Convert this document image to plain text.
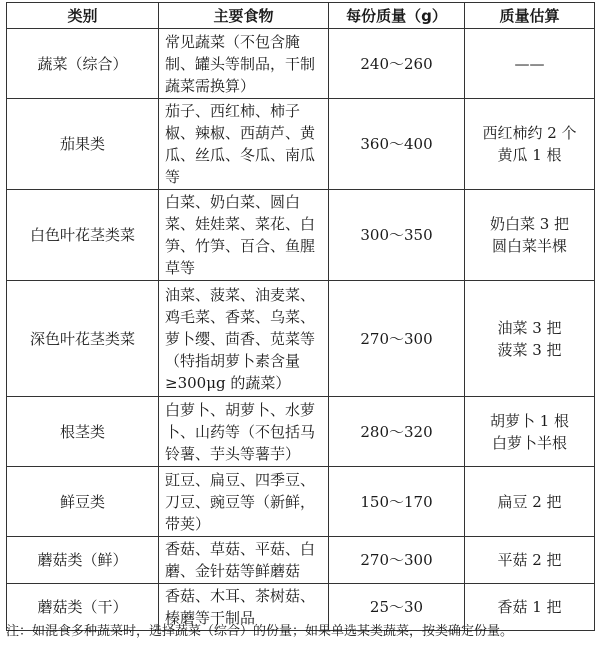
类别	主要食物	每份质量（g）	质量估算
蔬菜（综合）	常见蔬菜（不包含腌制、罐头等制品，干制蔬菜需换算）	240～260	——

茄果类	茄子、西红柿、柿子椒、辣椒、西葫芦、黄瓜、丝瓜、冬瓜、南瓜等	360～400	西红柿约 2 个
黄瓜 1 根

白色叶花茎类菜	白菜、奶白菜、圆白菜、娃娃菜、菜花、白笋、竹笋、百合、鱼腥草等	300～350	奶白菜 3 把
圆白菜半棵

深色叶花茎类菜	油菜、菠菜、油麦菜、鸡毛菜、香菜、乌菜、萝卜缨、茴香、苋菜等（特指胡萝卜素含量≥300μg 的蔬菜）	270～300	油菜 3 把
菠菜 3 把

根茎类	白萝卜、胡萝卜、水萝卜、山药等（不包括马铃薯、芋头等薯芋）	280～320	胡萝卜 1 根
白萝卜半根

鲜豆类	豇豆、扁豆、四季豆、刀豆、豌豆等（新鲜，带荚）	150～170	扁豆 2 把

蘑菇类（鲜）	香菇、草菇、平菇、白蘑、金针菇等鲜蘑菇	270～300	平菇 2 把

蘑菇类（干）	香菇、木耳、茶树菇、榛蘑等干制品	25～30	香菇 1 把
注：如混食多种蔬菜时，选择蔬菜（综合）的份量；如果单选某类蔬菜，按类确定份量。
